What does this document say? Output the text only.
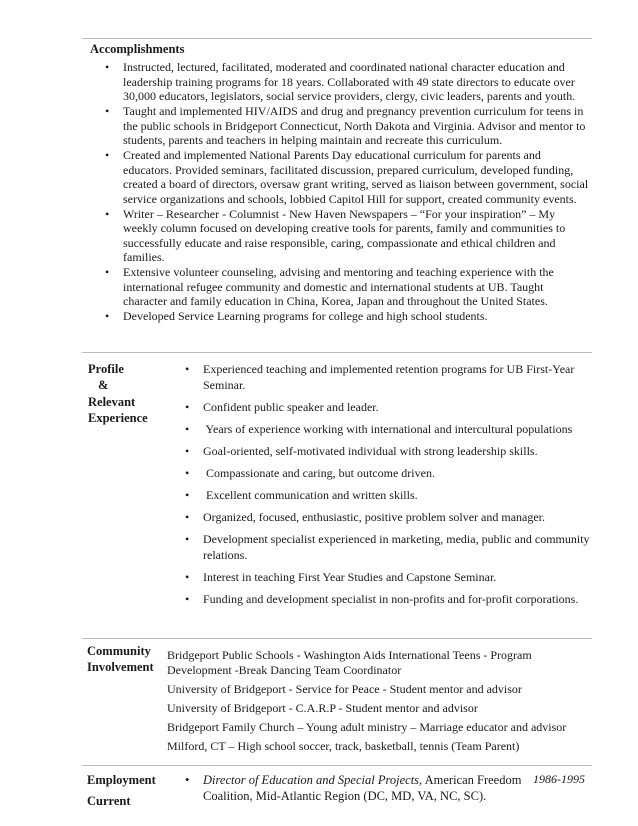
Accomplishments
• Instructed, lectured, facilitated, moderated and coordinated national character education and leadership training programs for 18 years. Collaborated with 49 state directors to educate over 30,000 educators, legislators, social service providers, clergy, civic leaders, parents and youth.
• Taught and implemented HIV/AIDS and drug and pregnancy prevention curriculum for teens in the public schools in Bridgeport Connecticut, North Dakota and Virginia. Advisor and mentor to students, parents and teachers in helping maintain and recreate this curriculum.
• Created and implemented National Parents Day educational curriculum for parents and educators. Provided seminars, facilitated discussion, prepared curriculum, developed funding, created a board of directors, oversaw grant writing, served as liaison between government, social service organizations and schools, lobbied Capitol Hill for support, created community events.
• Writer – Researcher - Columnist - New Haven Newspapers – “For your inspiration” – My weekly column focused on developing creative tools for parents, family and communities to successfully educate and raise responsible, caring, compassionate and ethical children and families.
• Extensive volunteer counseling, advising and mentoring and teaching experience with the international refugee community and domestic and international students at UB. Taught character and family education in China, Korea, Japan and throughout the United States.
• Developed Service Learning programs for college and high school students.
Profile
&
Relevant
Experience
• Experienced teaching and implemented retention programs for UB First-Year Seminar.
• Confident public speaker and leader.
•  Years of experience working with international and intercultural populations
• Goal-oriented, self-motivated individual with strong leadership skills.
•  Compassionate and caring, but outcome driven.
•  Excellent communication and written skills.
• Organized, focused, enthusiastic, positive problem solver and manager.
• Development specialist experienced in marketing, media, public and community relations.
• Interest in teaching First Year Studies and Capstone Seminar.
• Funding and development specialist in non-profits and for-profit corporations.
Community
Involvement
Bridgeport Public Schools - Washington Aids International Teens - Program Development -Break Dancing Team Coordinator
University of Bridgeport - Service for Peace - Student mentor and advisor
University of Bridgeport - C.A.R.P - Student mentor and advisor
Bridgeport Family Church – Young adult ministry – Marriage educator and advisor
Milford, CT – High school soccer, track, basketball, tennis (Team Parent)
Employment
Current
• Director of Education and Special Projects, American Freedom Coalition, Mid-Atlantic Region (DC, MD, VA, NC, SC).
1986-1995
